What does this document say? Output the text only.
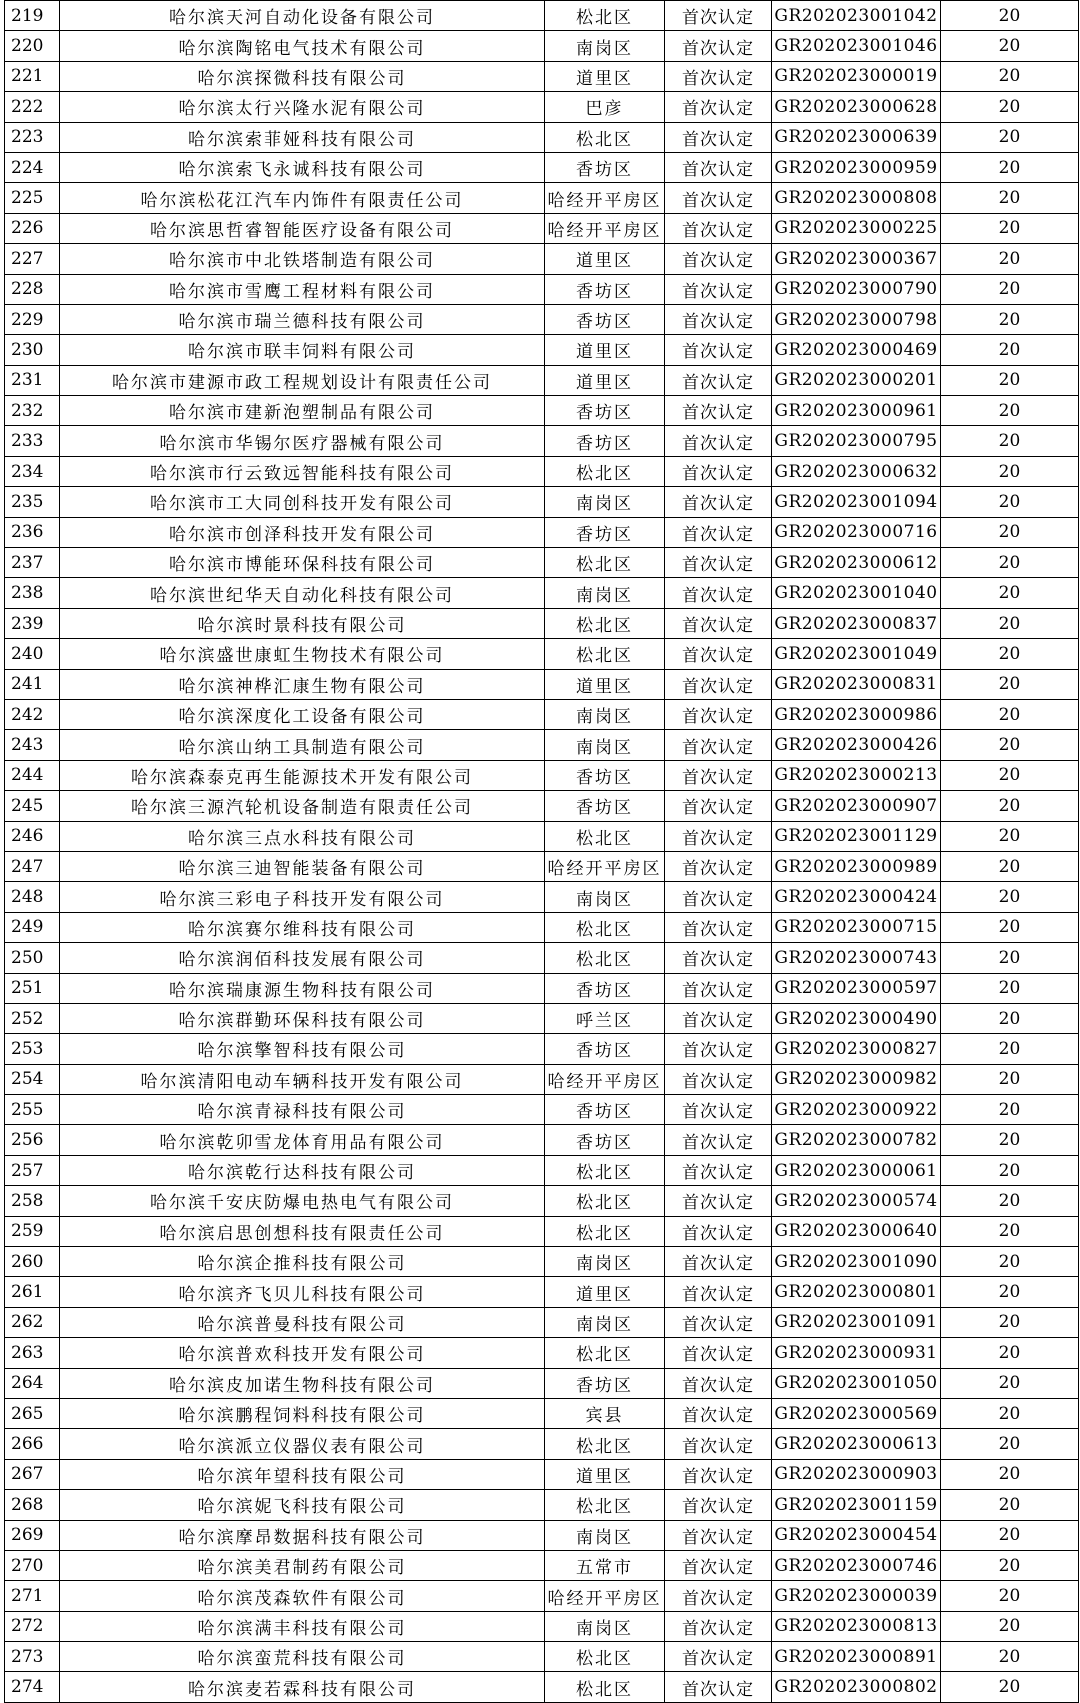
219	哈尔滨天河自动化设备有限公司	松北区	首次认定	GR202023001042	20
220	哈尔滨陶铭电气技术有限公司	南岗区	首次认定	GR202023001046	20
221	哈尔滨探微科技有限公司	道里区	首次认定	GR202023000019	20
222	哈尔滨太行兴隆水泥有限公司	巴彦	首次认定	GR202023000628	20
223	哈尔滨索菲娅科技有限公司	松北区	首次认定	GR202023000639	20
224	哈尔滨索飞永诚科技有限公司	香坊区	首次认定	GR202023000959	20
225	哈尔滨松花江汽车内饰件有限责任公司	哈经开平房区	首次认定	GR202023000808	20
226	哈尔滨思哲睿智能医疗设备有限公司	哈经开平房区	首次认定	GR202023000225	20
227	哈尔滨市中北铁塔制造有限公司	道里区	首次认定	GR202023000367	20
228	哈尔滨市雪鹰工程材料有限公司	香坊区	首次认定	GR202023000790	20
229	哈尔滨市瑞兰德科技有限公司	香坊区	首次认定	GR202023000798	20
230	哈尔滨市联丰饲料有限公司	道里区	首次认定	GR202023000469	20
231	哈尔滨市建源市政工程规划设计有限责任公司	道里区	首次认定	GR202023000201	20
232	哈尔滨市建新泡塑制品有限公司	香坊区	首次认定	GR202023000961	20
233	哈尔滨市华锡尔医疗器械有限公司	香坊区	首次认定	GR202023000795	20
234	哈尔滨市行云致远智能科技有限公司	松北区	首次认定	GR202023000632	20
235	哈尔滨市工大同创科技开发有限公司	南岗区	首次认定	GR202023001094	20
236	哈尔滨市创泽科技开发有限公司	香坊区	首次认定	GR202023000716	20
237	哈尔滨市博能环保科技有限公司	松北区	首次认定	GR202023000612	20
238	哈尔滨世纪华天自动化科技有限公司	南岗区	首次认定	GR202023001040	20
239	哈尔滨时景科技有限公司	松北区	首次认定	GR202023000837	20
240	哈尔滨盛世康虹生物技术有限公司	松北区	首次认定	GR202023001049	20
241	哈尔滨神桦汇康生物有限公司	道里区	首次认定	GR202023000831	20
242	哈尔滨深度化工设备有限公司	南岗区	首次认定	GR202023000986	20
243	哈尔滨山纳工具制造有限公司	南岗区	首次认定	GR202023000426	20
244	哈尔滨森泰克再生能源技术开发有限公司	香坊区	首次认定	GR202023000213	20
245	哈尔滨三源汽轮机设备制造有限责任公司	香坊区	首次认定	GR202023000907	20
246	哈尔滨三点水科技有限公司	松北区	首次认定	GR202023001129	20
247	哈尔滨三迪智能装备有限公司	哈经开平房区	首次认定	GR202023000989	20
248	哈尔滨三彩电子科技开发有限公司	南岗区	首次认定	GR202023000424	20
249	哈尔滨赛尔维科技有限公司	松北区	首次认定	GR202023000715	20
250	哈尔滨润佰科技发展有限公司	松北区	首次认定	GR202023000743	20
251	哈尔滨瑞康源生物科技有限公司	香坊区	首次认定	GR202023000597	20
252	哈尔滨群勤环保科技有限公司	呼兰区	首次认定	GR202023000490	20
253	哈尔滨擎智科技有限公司	香坊区	首次认定	GR202023000827	20
254	哈尔滨清阳电动车辆科技开发有限公司	哈经开平房区	首次认定	GR202023000982	20
255	哈尔滨青禄科技有限公司	香坊区	首次认定	GR202023000922	20
256	哈尔滨乾卯雪龙体育用品有限公司	香坊区	首次认定	GR202023000782	20
257	哈尔滨乾行达科技有限公司	松北区	首次认定	GR202023000061	20
258	哈尔滨千安庆防爆电热电气有限公司	松北区	首次认定	GR202023000574	20
259	哈尔滨启思创想科技有限责任公司	松北区	首次认定	GR202023000640	20
260	哈尔滨企推科技有限公司	南岗区	首次认定	GR202023001090	20
261	哈尔滨齐飞贝儿科技有限公司	道里区	首次认定	GR202023000801	20
262	哈尔滨普曼科技有限公司	南岗区	首次认定	GR202023001091	20
263	哈尔滨普欢科技开发有限公司	松北区	首次认定	GR202023000931	20
264	哈尔滨皮加诺生物科技有限公司	香坊区	首次认定	GR202023001050	20
265	哈尔滨鹏程饲料科技有限公司	宾县	首次认定	GR202023000569	20
266	哈尔滨派立仪器仪表有限公司	松北区	首次认定	GR202023000613	20
267	哈尔滨年望科技有限公司	道里区	首次认定	GR202023000903	20
268	哈尔滨妮飞科技有限公司	松北区	首次认定	GR202023001159	20
269	哈尔滨摩昂数据科技有限公司	南岗区	首次认定	GR202023000454	20
270	哈尔滨美君制药有限公司	五常市	首次认定	GR202023000746	20
271	哈尔滨茂森软件有限公司	哈经开平房区	首次认定	GR202023000039	20
272	哈尔滨满丰科技有限公司	南岗区	首次认定	GR202023000813	20
273	哈尔滨蛮荒科技有限公司	松北区	首次认定	GR202023000891	20
274	哈尔滨麦若霖科技有限公司	松北区	首次认定	GR202023000802	20
